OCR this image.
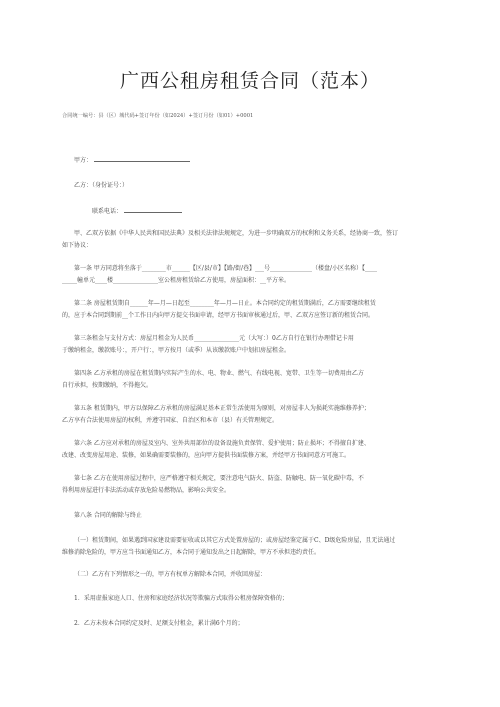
广西公租房租赁合同（范本）
合同统一编号：县（区）城代码+签订年份（如2024）+签订月份（如01）+0001
甲方：
乙方：（身份证号：）
联系电话：
甲、乙双方依据《中华人民共和国民法典》及相关法律法规规定，为进一步明确双方的权利和义务关系，经协商一致，签订
如下协议：
第一条 甲方同意将坐落于________市______【区/县/市】【路/街/巷】___号______________（楼盘/小区名称）【____
_____幢单元____楼_______________室公租房租赁给乙方使用，房屋面积：__平方米。
第二条 房屋租赁期自______年—月—日起至________年—月—日止。本合同约定的租赁期满后，乙方需要继续租赁
的，应于本合同到期前__个工作日内向甲方提交书面申请，经甲方书面审核通过后，甲、乙双方应签订新的租赁合同。
第三条租金与支付方式：房屋月租金为人民币_______________元（大写：）0乙方自行在银行办理借记卡用
于缴纳租金，缴款账号：，开户行：，甲方按月（或季）从该缴款账户中划扣房屋租金。
第四条 乙方承租的房屋在租赁期内实际产生的水、电、物业、燃气、有线电视、宽带、卫生等一切费用由乙方
自行承担，按期缴纳，不得拖欠。
第五条 租赁期内，甲方以保障乙方承租的房屋满足基本正常生活使用为原则，对房屋非人为损耗实施维修养护；
乙方享有合法使用房屋的权利，并遵守国家、自治区和本市（县）有关管理规定。
第六条 乙方应对承租的房屋及室内、室外共用部位的设备设施负责保管、爱护使用；防止损坏；不得擅自扩建、
改建、改变房屋用途、装修，如果确需要装修的，应向甲方提供书面装修方案，并经甲方书面同意方可施工。
第七条 乙方在使用房屋过程中，应严格遵守相关规定，要注意电气防火、防盗、防触电、防一氧化碳中毒，不
得利用房屋进行非法活动或存放危险易燃物品，影响公共安全。
第八条 合同的解除与终止
（一）租赁期间，如果遇到国家建设需要征收或以其它方式处置房屋的；或房屋经鉴定属于C、D级危险房屋，且无法通过
维修消除危险的，甲方应当书面通知乙方，本合同于通知发出之日起解除，甲方不承担违约责任。
（二）乙方有下列情形之一的，甲方有权单方解除本合同，并收回房屋：
1．采用虚报家庭人口、住房和家庭经济状况等欺骗方式取得公租房保障资格的；
2．乙方未按本合同约定及时、足额支付租金，累计满6个月的；
